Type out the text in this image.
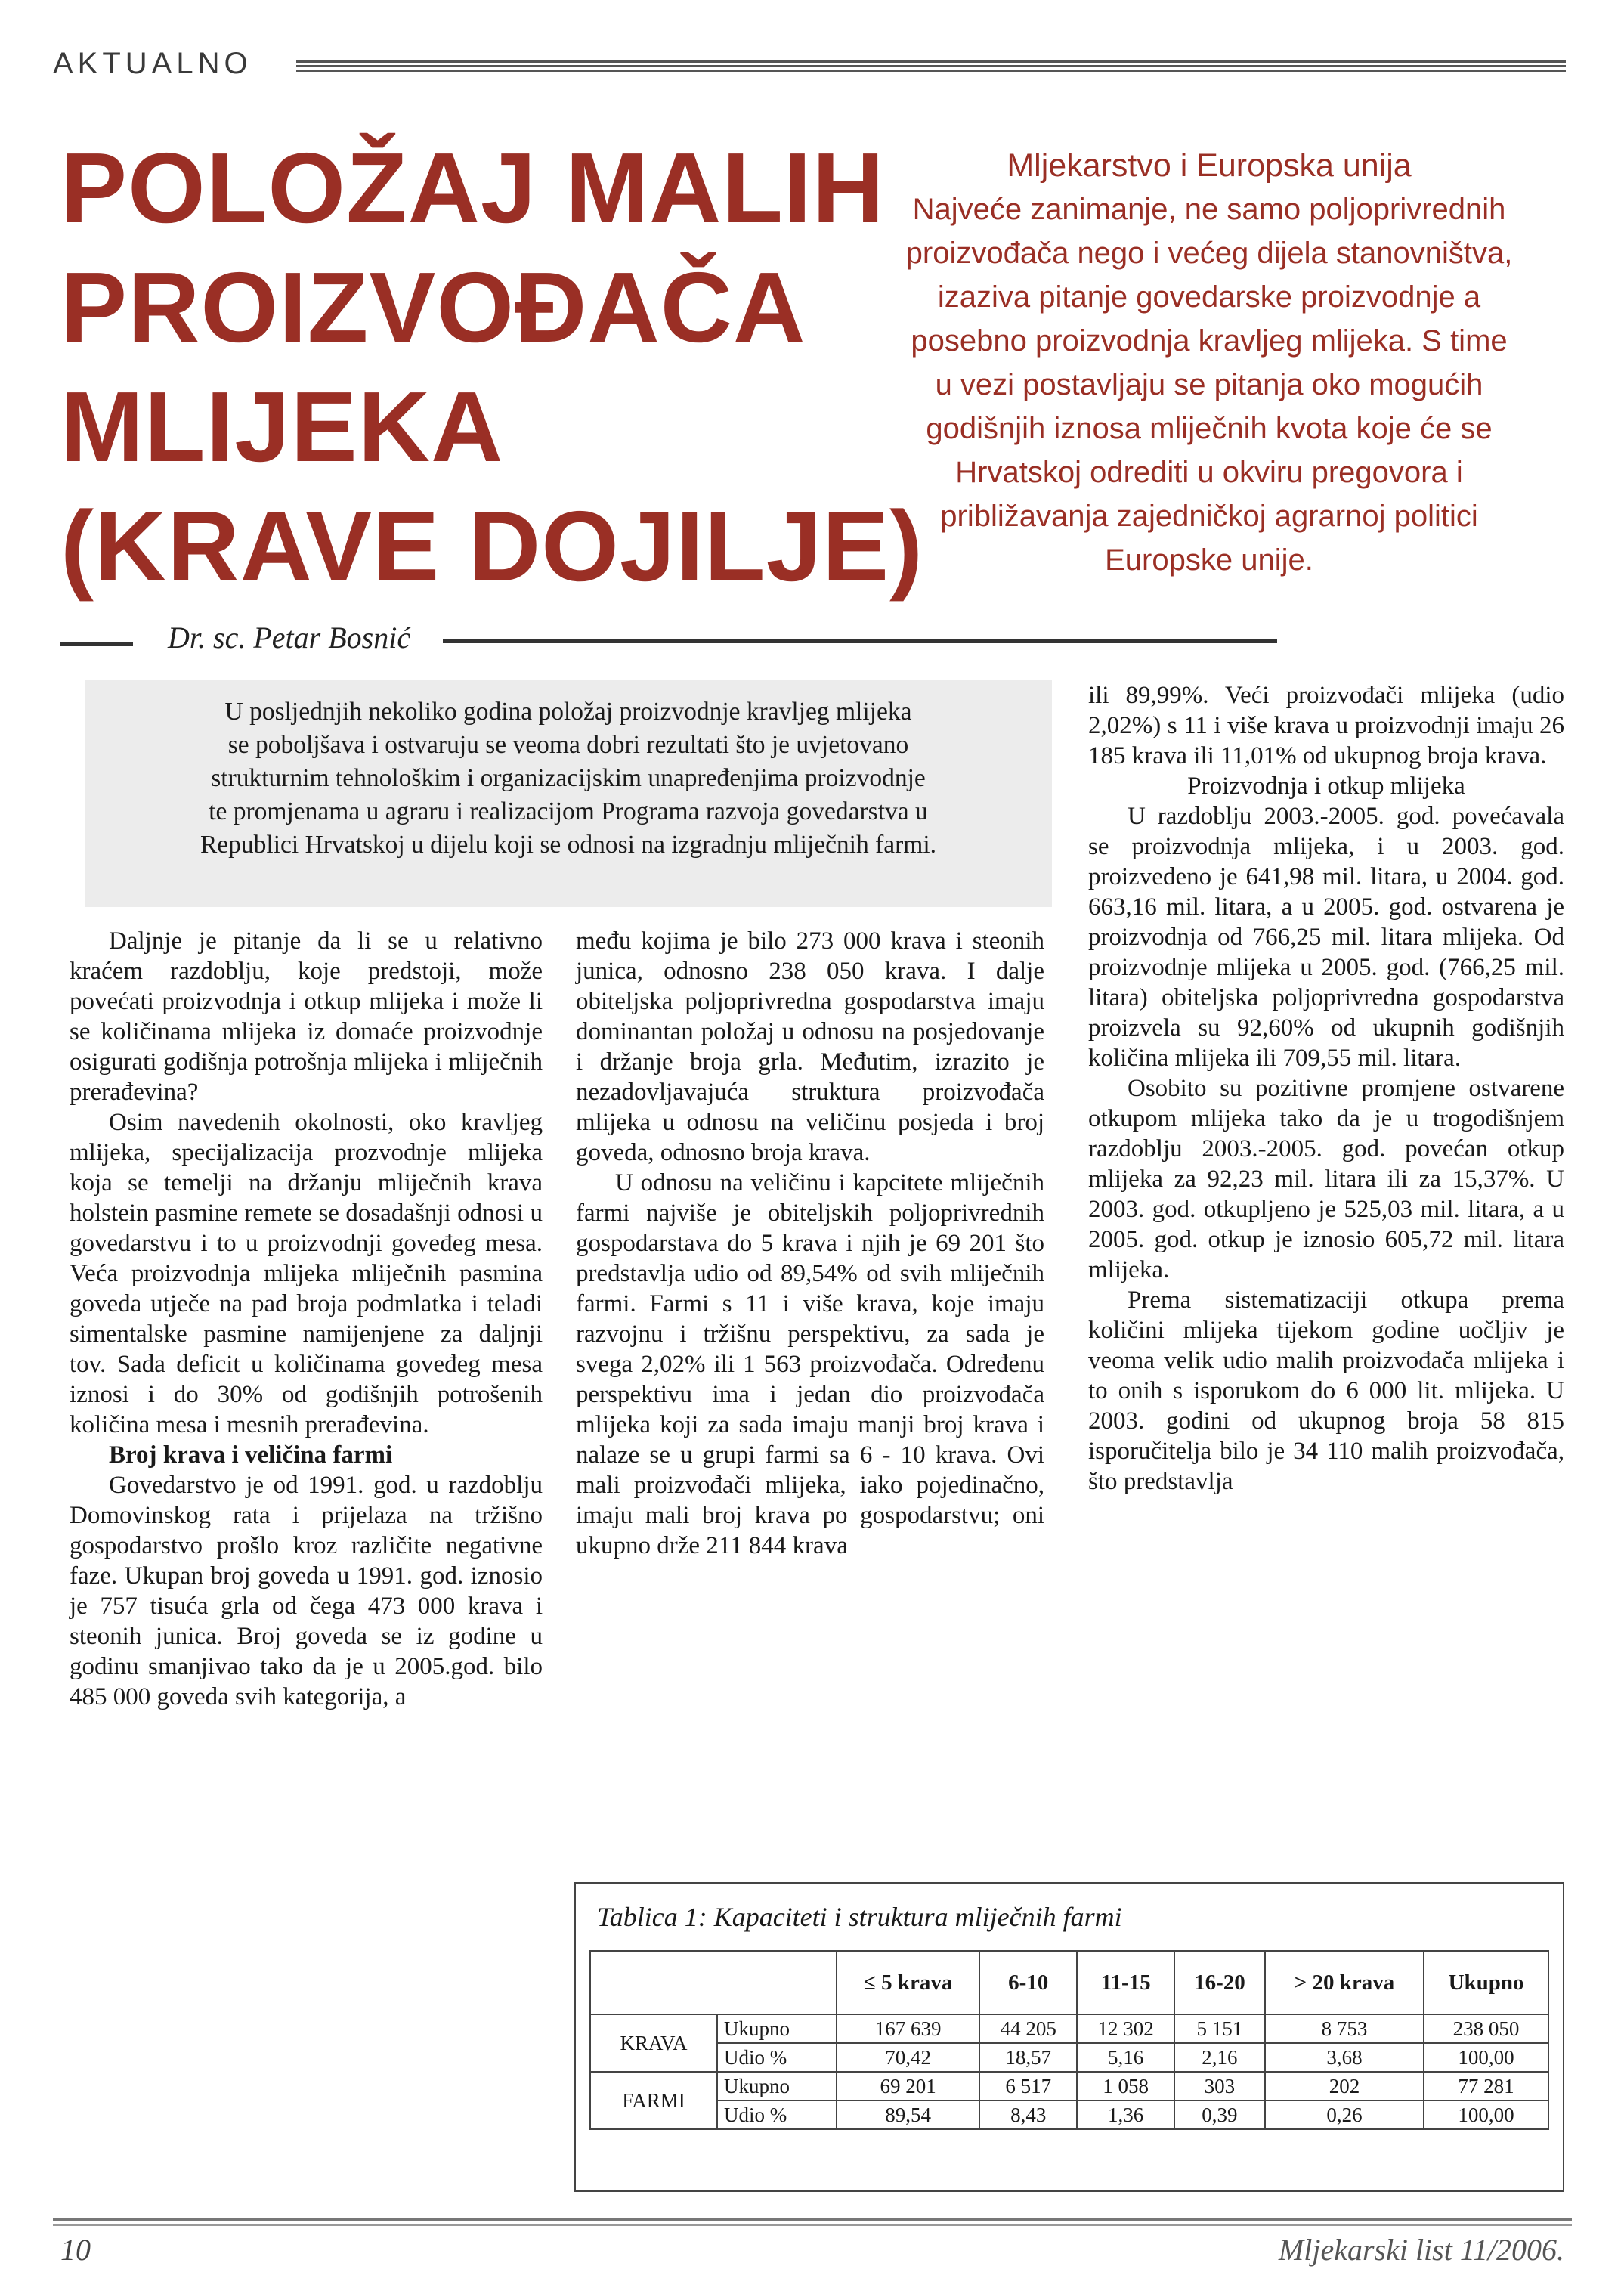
AKTUALNO
POLOŽAJ MALIH
PROIZVOĐAČA
MLIJEKA
(KRAVE DOJILJE)
Dr. sc. Petar Bosnić
Mljekarstvo i Europska unija
Najveće zanimanje, ne samo poljoprivrednih
proizvođača nego i većeg dijela stanovništva,
izaziva pitanje govedarske proizvodnje a
posebno proizvodnja kravljeg mlijeka. S time
u vezi postavljaju se pitanja oko mogućih
godišnjih iznosa mliječnih kvota koje će se
Hrvatskoj odrediti u okviru pregovora i
približavanja zajedničkoj agrarnoj politici
Europske unije.
U posljednjih nekoliko godina položaj proizvodnje kravljeg mlijeka
se poboljšava i ostvaruju se veoma dobri rezultati što je uvjetovano
strukturnim tehnološkim i organizacijskim unapređenjima proizvodnje
te promjenama u agraru i realizacijom Programa razvoja govedarstva u
Republici Hrvatskoj u dijelu koji se odnosi na izgradnju mliječnih farmi.

Daljnje je pitanje da li se u relativno kraćem razdoblju, koje predstoji, može povećati proizvodnja i otkup mlijeka i može li se količinama mlijeka iz domaće proizvodnje osigurati godišnja potrošnja mlijeka i mliječnih prerađevina?

Osim navedenih okolnosti, oko kravljeg mlijeka, specijalizacija prozvodnje mlijeka koja se temelji na držanju mliječnih krava holstein pasmine remete se dosadašnji odnosi u govedarstvu i to u proizvodnji goveđeg mesa. Veća proizvodnja mlijeka mliječnih pasmina goveda utječe na pad broja podmlatka i teladi simentalske pasmine namijenjene za daljnji tov. Sada deficit u količinama goveđeg mesa iznosi i do 30% od godišnjih potrošenih količina mesa i mesnih prerađevina.

Broj krava i veličina farmi

Govedarstvo je od 1991. god. u razdoblju Domovinskog rata i prijelaza na tržišno gospodarstvo prošlo kroz različite negativne faze. Ukupan broj goveda u 1991. god. iznosio je 757 tisuća grla od čega 473 000 krava i steonih junica. Broj goveda se iz godine u godinu smanjivao tako da je u 2005.god. bilo 485 000 goveda svih kategorija, a

među kojima je bilo 273 000 krava i steonih junica, odnosno 238 050 krava. I dalje obiteljska poljoprivredna gospodarstva imaju dominantan položaj u odnosu na posjedovanje i držanje broja grla. Međutim, izrazito je nezadovljavajuća struktura proizvođača mlijeka u odnosu na veličinu posjeda i broj goveda, odnosno broja krava.

U odnosu na veličinu i kapcitete mliječnih farmi najviše je obiteljskih poljoprivrednih gospodarstava do 5 krava i njih je 69 201 što predstavlja udio od 89,54% od svih mliječnih farmi. Farmi s 11 i više krava, koje imaju razvojnu i tržišnu perspektivu, za sada je svega 2,02% ili 1 563 proizvođača. Određenu perspektivu ima i jedan dio proizvođača mlijeka koji za sada imaju manji broj krava i nalaze se u grupi farmi sa 6 - 10 krava. Ovi mali proizvođači mlijeka, iako pojedinačno, imaju mali broj krava po gospodarstvu; oni ukupno drže 211 844 krava

ili 89,99%. Veći proizvođači mlijeka (udio 2,02%) s 11 i više krava u proizvodnji imaju 26 185 krava ili 11,01% od ukupnog broja krava.

Proizvodnja i otkup mlijeka

U razdoblju 2003.-2005. god. povećavala se proizvodnja mlijeka, i u 2003. god. proizvedeno je 641,98 mil. litara, u 2004. god. 663,16 mil. litara, a u 2005. god. ostvarena je proizvodnja od 766,25 mil. litara mlijeka. Od proizvodnje mlijeka u 2005. god. (766,25 mil. litara) obiteljska poljoprivredna gospodarstva proizvela su 92,60% od ukupnih godišnjih količina mlijeka ili 709,55 mil. litara.

Osobito su pozitivne promjene ostvarene otkupom mlijeka tako da je u trogodišnjem razdoblju 2003.-2005. god. povećan otkup mlijeka za 92,23 mil. litara ili za 15,37%. U 2003. god. otkupljeno je 525,03 mil. litara, a u 2005. god. otkup je iznosio 605,72 mil. litara mlijeka.

Prema sistematizaciji otkupa prema količini mlijeka tijekom godine uočljiv je veoma velik udio malih proizvođača mlijeka i to onih s isporukom do 6 000 lit. mlijeka. U 2003. godini od ukupnog broja 58 815 isporučitelja bilo je 34 110 malih proizvođača, što predstavlja

Tablica 1: Kapaciteti i struktura mliječnih farmi
		≤ 5 krava	6-10	11-15	16-20	> 20 krava	Ukupno
KRAVA	Ukupno	167 639	44 205	12 302	5 151	8 753	238 050
	Udio %	70,42	18,57	5,16	2,16	3,68	100,00
FARMI	Ukupno	69 201	6 517	1 058	303	202	77 281
	Udio %	89,54	8,43	1,36	0,39	0,26	100,00
10	Mljekarski list 11/2006.
